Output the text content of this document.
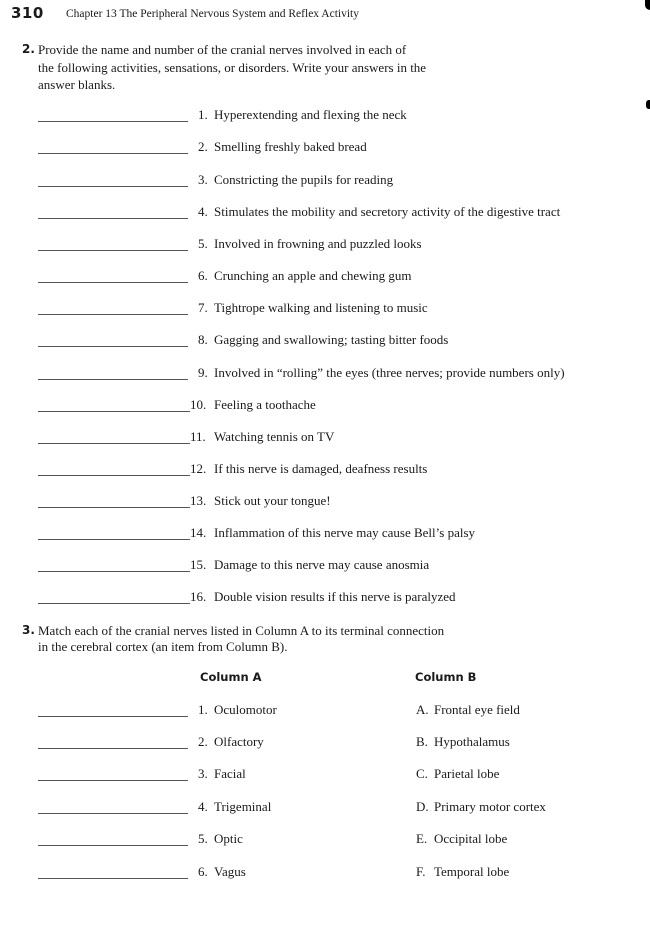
310 Chapter 13 The Peripheral Nervous System and Reflex Activity
2. Provide the name and number of the cranial nerves involved in each of
the following activities, sensations, or disorders. Write your answers in the
answer blanks.
1. Hyperextending and flexing the neck
2. Smelling freshly baked bread
3. Constricting the pupils for reading
4. Stimulates the mobility and secretory activity of the digestive tract
5. Involved in frowning and puzzled looks
6. Crunching an apple and chewing gum
7. Tightrope walking and listening to music
8. Gagging and swallowing; tasting bitter foods
9. Involved in “rolling” the eyes (three nerves; provide numbers only)
10. Feeling a toothache
11. Watching tennis on TV
12. If this nerve is damaged, deafness results
13. Stick out your tongue!
14. Inflammation of this nerve may cause Bell’s palsy
15. Damage to this nerve may cause anosmia
16. Double vision results if this nerve is paralyzed
3. Match each of the cranial nerves listed in Column A to its terminal connection
in the cerebral cortex (an item from Column B).
Column A	Column B
1. Oculomotor	A. Frontal eye field
2. Olfactory	B. Hypothalamus
3. Facial	C. Parietal lobe
4. Trigeminal	D. Primary motor cortex
5. Optic	E. Occipital lobe
6. Vagus	F. Temporal lobe
